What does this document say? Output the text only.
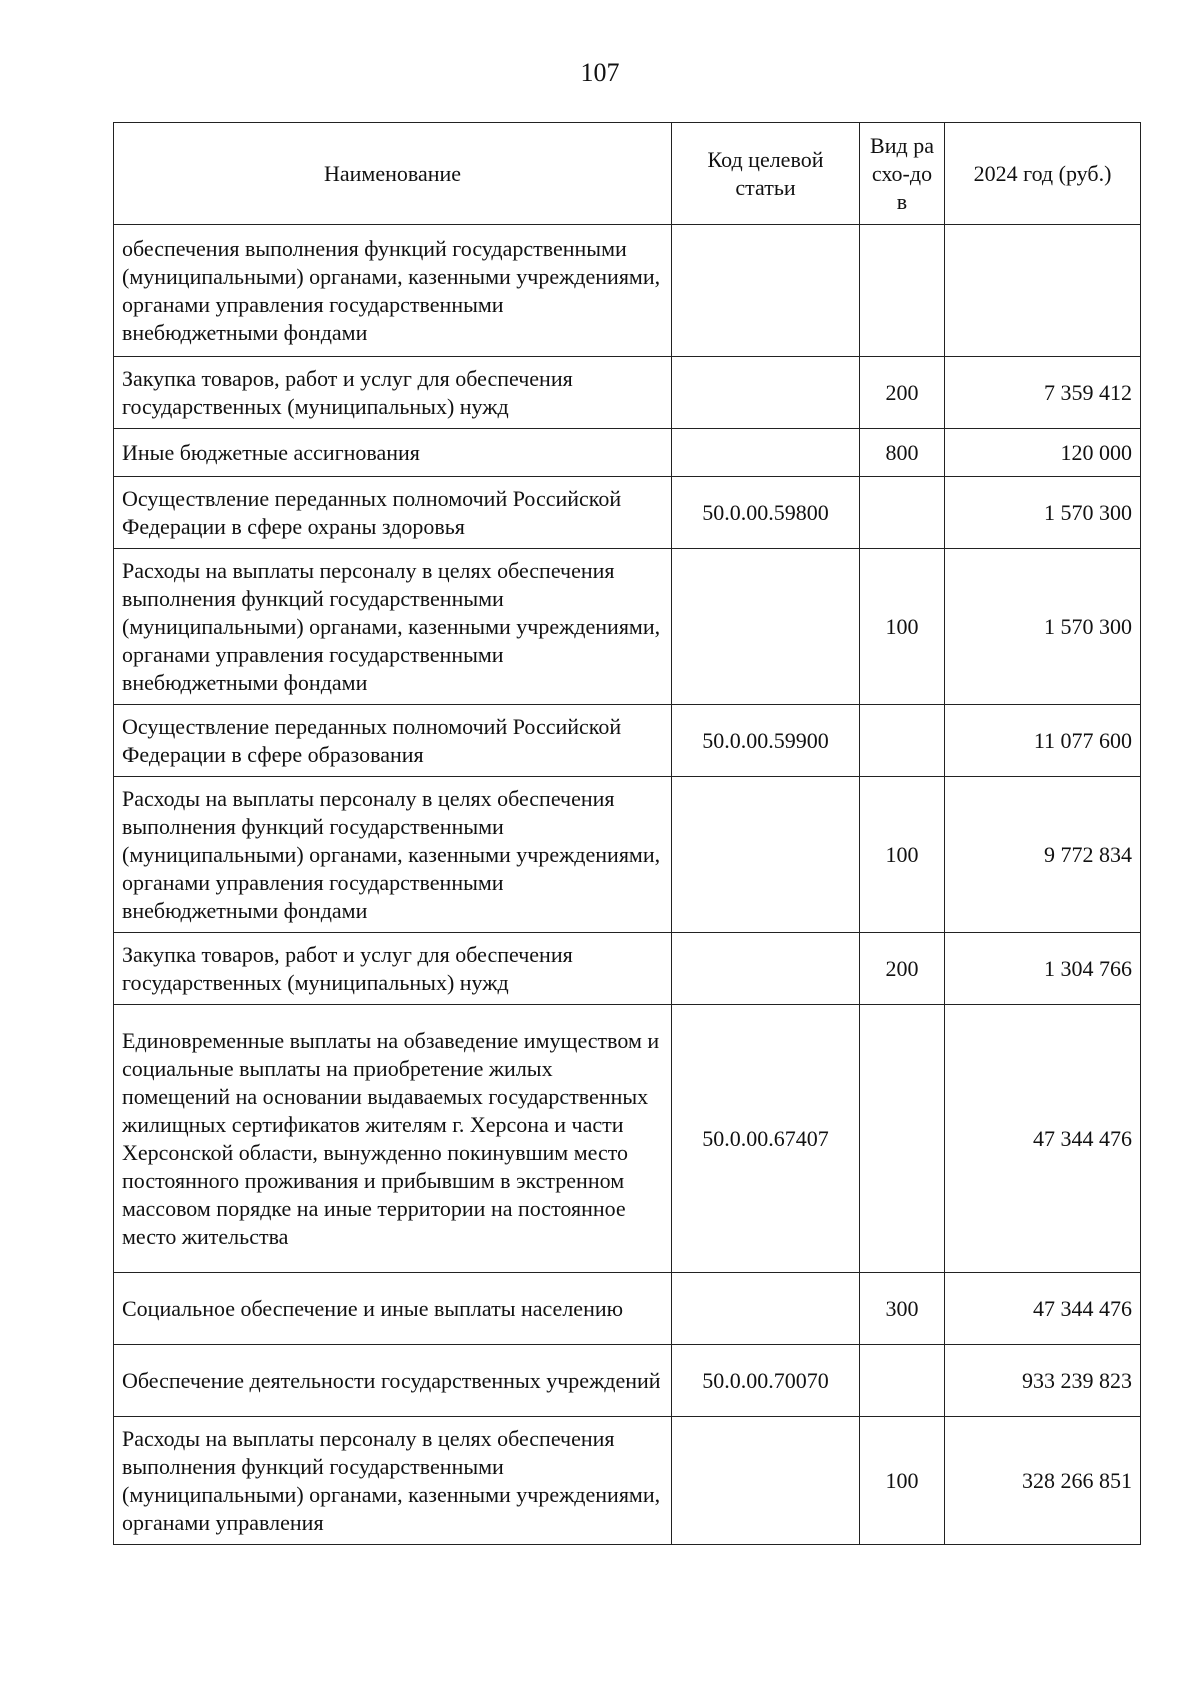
107
Наименование	Код целевой статьи	Вид расхо-дов	2024 год (руб.)
обеспечения выполнения функций государственными (муниципальными) органами, казенными учреждениями, органами управления государственными внебюджетными фондами			
Закупка товаров, работ и услуг для обеспечения государственных (муниципальных) нужд		200	7 359 412
Иные бюджетные ассигнования		800	120 000
Осуществление переданных полномочий Российской Федерации в сфере охраны здоровья	50.0.00.59800		1 570 300
Расходы на выплаты персоналу в целях обеспечения выполнения функций государственными (муниципальными) органами, казенными учреждениями, органами управления государственными внебюджетными фондами		100	1 570 300
Осуществление переданных полномочий Российской Федерации в сфере образования	50.0.00.59900		11 077 600
Расходы на выплаты персоналу в целях обеспечения выполнения функций государственными (муниципальными) органами, казенными учреждениями, органами управления государственными внебюджетными фондами		100	9 772 834
Закупка товаров, работ и услуг для обеспечения государственных (муниципальных) нужд		200	1 304 766
Единовременные выплаты на обзаведение имуществом и социальные выплаты на приобретение жилых помещений на основании выдаваемых государственных жилищных сертификатов жителям г. Херсона и части Херсонской области, вынужденно покинувшим место постоянного проживания и прибывшим в экстренном массовом порядке на иные территории на постоянное место жительства	50.0.00.67407		47 344 476
Социальное обеспечение и иные выплаты населению		300	47 344 476
Обеспечение деятельности государственных учреждений	50.0.00.70070		933 239 823
Расходы на выплаты персоналу в целях обеспечения выполнения функций государственными (муниципальными) органами, казенными учреждениями, органами управления		100	328 266 851
